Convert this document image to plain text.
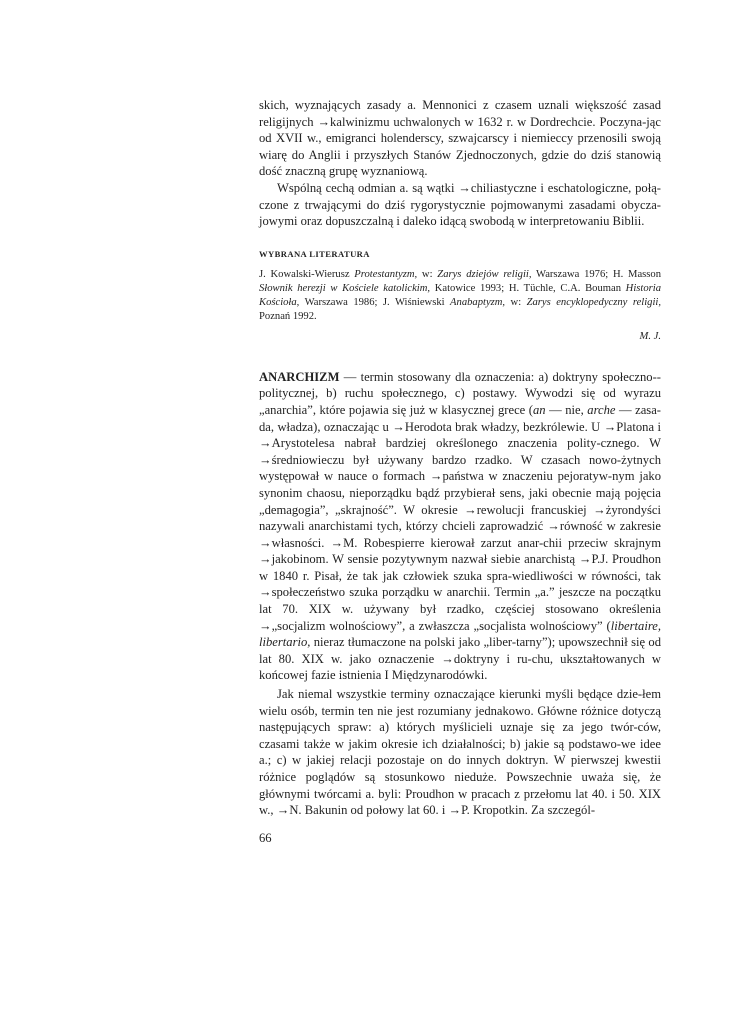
skich, wyznających zasady a. Mennonici z czasem uznali większość zasad religijnych →kalwinizmu uchwalonych w 1632 r. w Dordrechcie. Poczyna-jąc od XVII w., emigranci holenderscy, szwajcarscy i niemieccy przenosili swoją wiarę do Anglii i przyszłych Stanów Zjednoczonych, gdzie do dziś stanowią dość znaczną grupę wyznaniową.

Wspólną cechą odmian a. są wątki →chiliastyczne i eschatologiczne, połą-czone z trwającymi do dziś rygorystycznie pojmowanymi zasadami obycza-jowymi oraz dopuszczalną i daleko idącą swobodą w interpretowaniu Biblii.

WYBRANA LITERATURA
J. Kowalski-Wierusz Protestantyzm, w: Zarys dziejów religii, Warszawa 1976; H. Masson Słownik herezji w Kościele katolickim, Katowice 1993; H. Tüchle, C.A. Bouman Historia Kościoła, Warszawa 1986; J. Wiśniewski Anabaptyzm, w: Zarys encyklopedyczny religii, Poznań 1992.
M. J.

ANARCHIZM — termin stosowany dla oznaczenia: a) doktryny społeczno--politycznej, b) ruchu społecznego, c) postawy. Wywodzi się od wyrazu „anarchia”, które pojawia się już w klasycznej grece (an — nie, arche — zasa-da, władza), oznaczając u →Herodota brak władzy, bezkrólewie. U →Platona i →Arystotelesa nabrał bardziej określonego znaczenia polity-cznego. W →średniowieczu był używany bardzo rzadko. W czasach nowo-żytnych występował w nauce o formach →państwa w znaczeniu pejoratyw-nym jako synonim chaosu, nieporządku bądź przybierał sens, jaki obecnie mają pojęcia „demagogia”, „skrajność”. W okresie →rewolucji francuskiej →żyrondyści nazywali anarchistami tych, którzy chcieli zaprowadzić →równość w zakresie →własności. →M. Robespierre kierował zarzut anar-chii przeciw skrajnym →jakobinom. W sensie pozytywnym nazwał siebie anarchistą →P.J. Proudhon w 1840 r. Pisał, że tak jak człowiek szuka spra-wiedliwości w równości, tak →społeczeństwo szuka porządku w anarchii. Termin „a.” jeszcze na początku lat 70. XIX w. używany był rzadko, częściej stosowano określenia →„socjalizm wolnościowy”, a zwłaszcza „socjalista wolnościowy” (libertaire, libertario, nieraz tłumaczone na polski jako „liber-tarny”); upowszechnił się od lat 80. XIX w. jako oznaczenie →doktryny i ru-chu, ukształtowanych w końcowej fazie istnienia I Międzynarodówki.

Jak niemal wszystkie terminy oznaczające kierunki myśli będące dzie-łem wielu osób, termin ten nie jest rozumiany jednakowo. Główne różnice dotyczą następujących spraw: a) których myślicieli uznaje się za jego twór-ców, czasami także w jakim okresie ich działalności; b) jakie są podstawo-we idee a.; c) w jakiej relacji pozostaje on do innych doktryn. W pierwszej kwestii różnice poglądów są stosunkowo nieduże. Powszechnie uważa się, że głównymi twórcami a. byli: Proudhon w pracach z przełomu lat 40. i 50. XIX w., →N. Bakunin od połowy lat 60. i →P. Kropotkin. Za szczegól-

66
